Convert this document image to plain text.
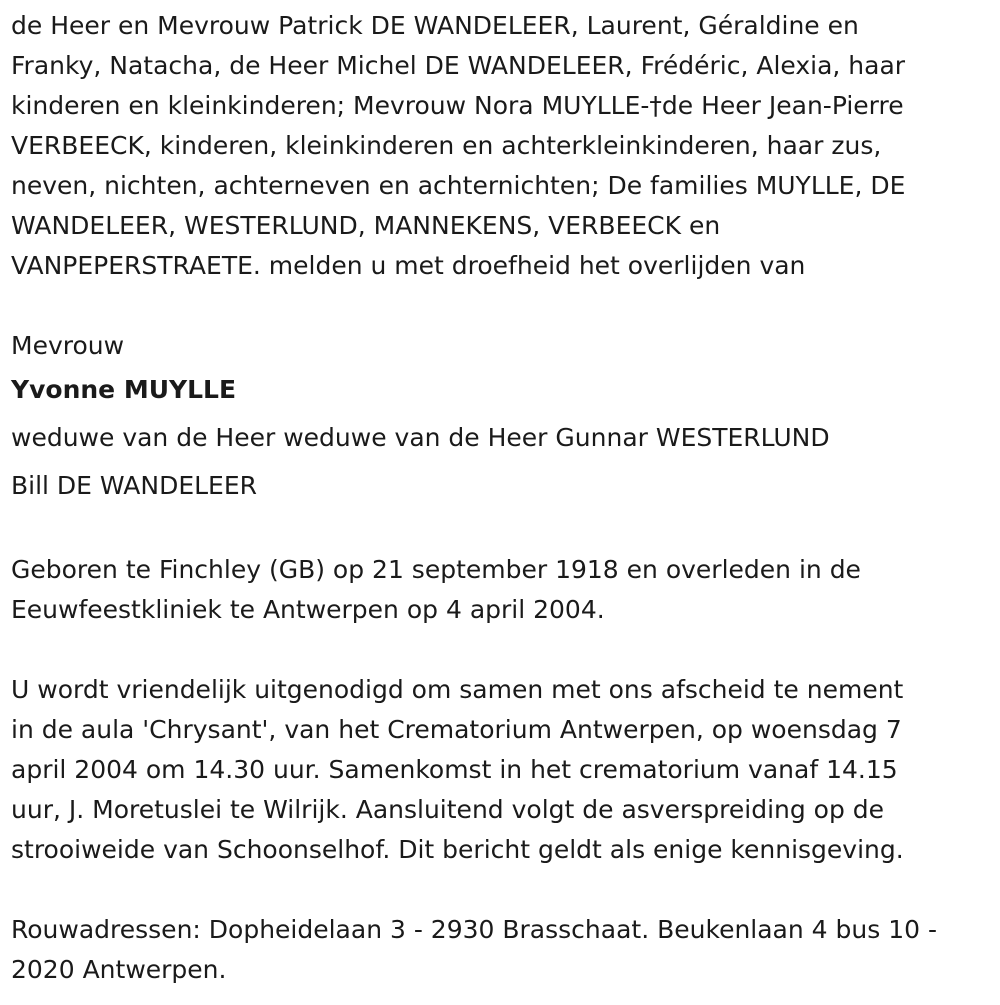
de Heer en Mevrouw Patrick DE WANDELEER, Laurent, Géraldine en

Franky, Natacha, de Heer Michel DE WANDELEER, Frédéric, Alexia, haar

kinderen en kleinkinderen; Mevrouw Nora MUYLLE-†de Heer Jean-Pierre

VERBEECK, kinderen, kleinkinderen en achterkleinkinderen, haar zus,

neven, nichten, achterneven en achternichten; De families MUYLLE, DE

WANDELEER, WESTERLUND, MANNEKENS, VERBEECK en

VANPEPERSTRAETE. melden u met droefheid het overlijden van

Mevrouw

Yvonne MUYLLE

weduwe van de Heer weduwe van de Heer Gunnar WESTERLUND

Bill DE WANDELEER

Geboren te Finchley (GB) op 21 september 1918 en overleden in de

Eeuwfeestkliniek te Antwerpen op 4 april 2004.

U wordt vriendelijk uitgenodigd om samen met ons afscheid te nement

in de aula 'Chrysant', van het Crematorium Antwerpen, op woensdag 7

april 2004 om 14.30 uur. Samenkomst in het crematorium vanaf 14.15

uur, J. Moretuslei te Wilrijk. Aansluitend volgt de asverspreiding op de

strooiweide van Schoonselhof. Dit bericht geldt als enige kennisgeving.

Rouwadressen: Dopheidelaan 3 - 2930 Brasschaat. Beukenlaan 4 bus 10 -

2020 Antwerpen.
